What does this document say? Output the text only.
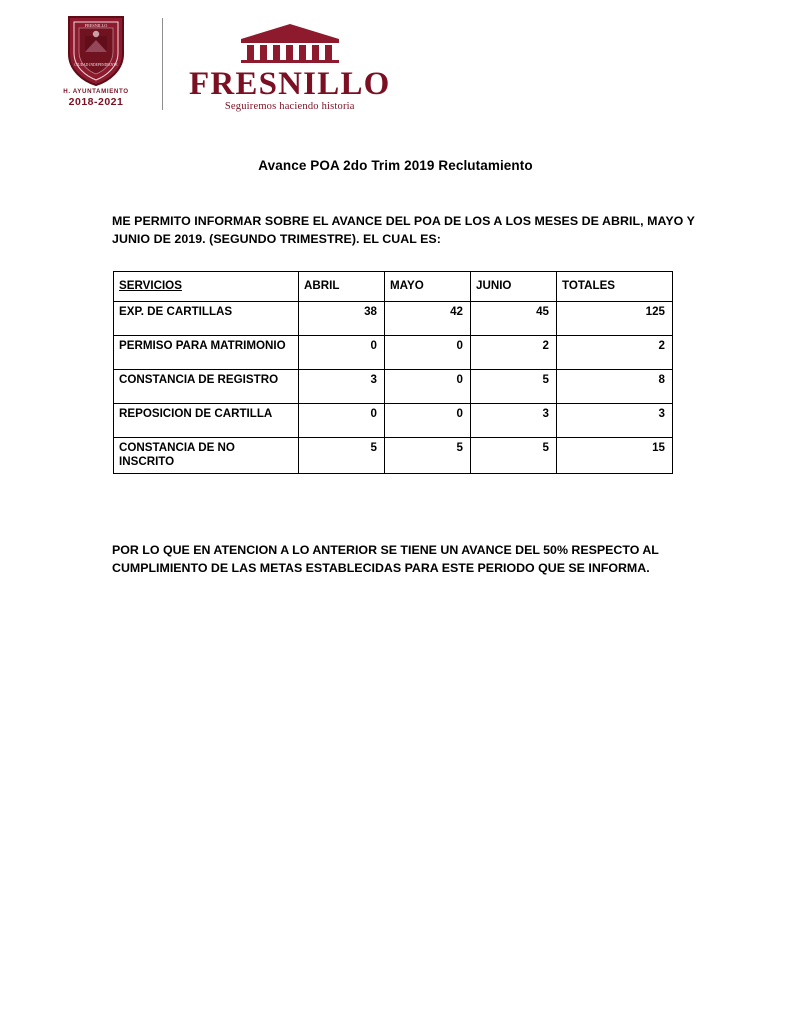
FRESNILLO
CIUDAD INDEPENDIENTE
H. AYUNTAMIENTO
2018-2021 FRESNILLO
Seguiremos haciendo historia
Avance POA 2do Trim 2019 Reclutamiento

ME PERMITO INFORMAR SOBRE EL AVANCE DEL POA DE LOS A LOS MESES DE ABRIL, MAYO Y JUNIO DE 2019. (SEGUNDO TRIMESTRE). EL CUAL ES:

SERVICIOS	ABRIL	MAYO	JUNIO	TOTALES
EXP. DE CARTILLAS	38	42	45	125
PERMISO PARA MATRIMONIO	0	0	2	2
CONSTANCIA DE REGISTRO	3	0	5	8
REPOSICION DE CARTILLA	0	0	3	3
CONSTANCIA DE NO INSCRITO	5	5	5	15

POR LO QUE EN ATENCION A LO ANTERIOR SE TIENE UN AVANCE DEL 50% RESPECTO AL CUMPLIMIENTO DE LAS METAS ESTABLECIDAS PARA ESTE PERIODO QUE SE INFORMA.
